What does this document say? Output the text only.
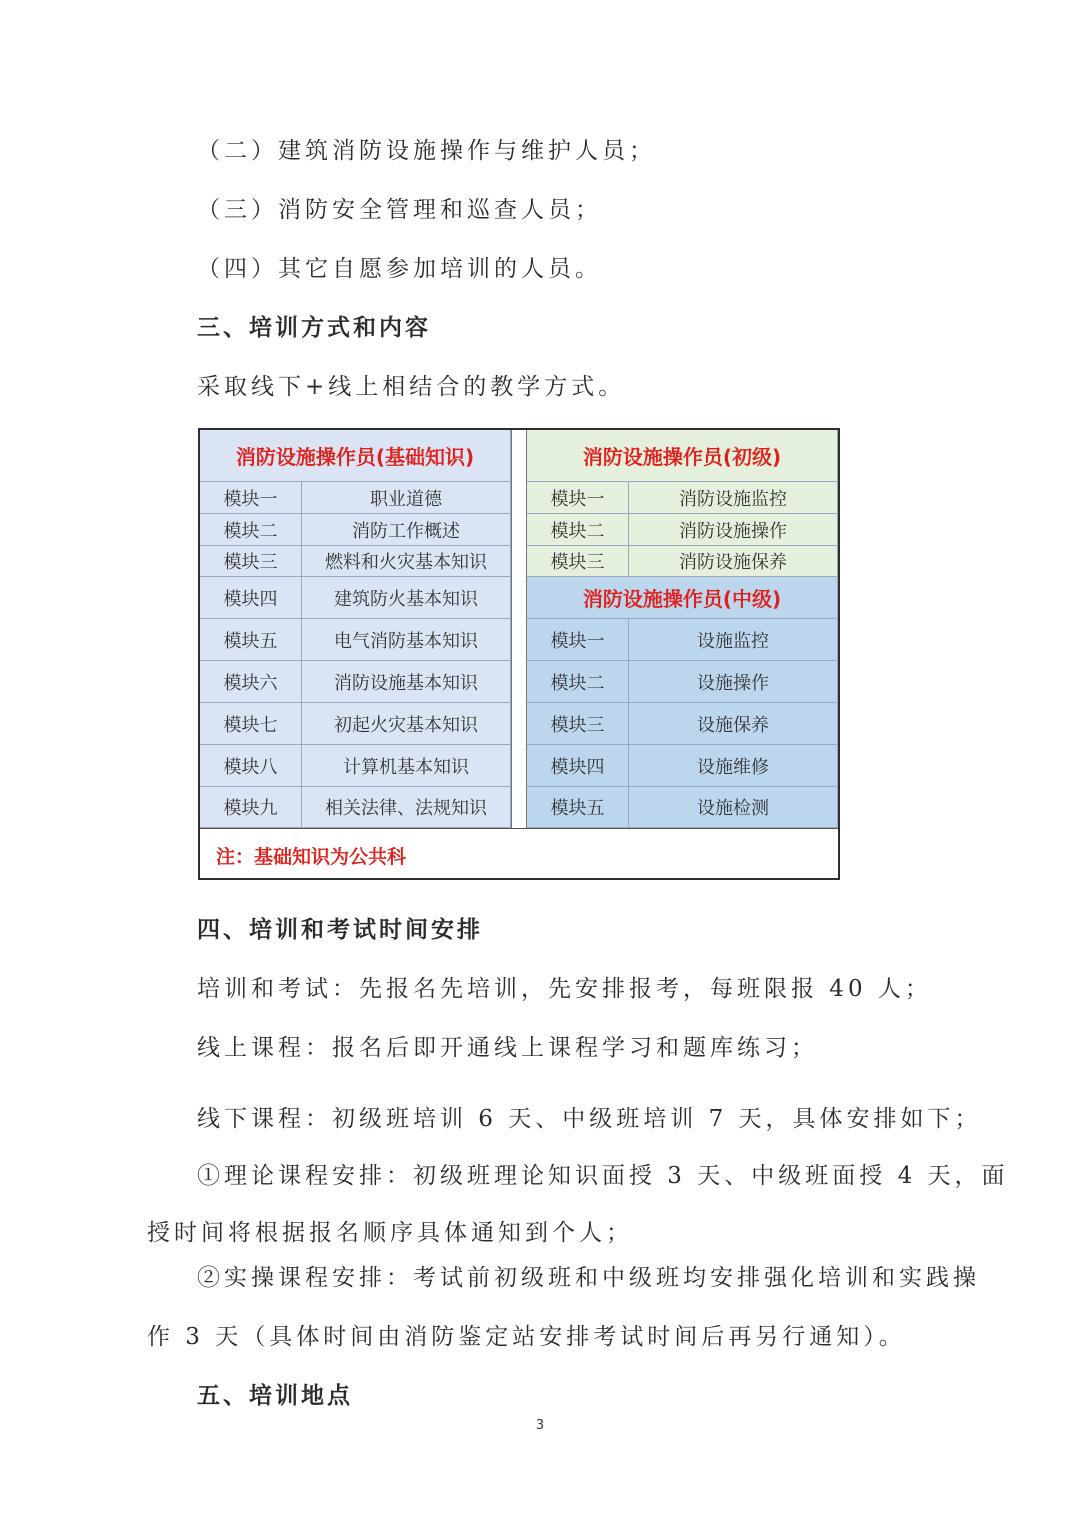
（二）建筑消防设施操作与维护人员；
（三）消防安全管理和巡查人员；
（四）其它自愿参加培训的人员。
三、培训方式和内容
采取线下+线上相结合的教学方式。
消防设施操作员(基础知识)
模块一	职业道德
模块二	消防工作概述
模块三	燃料和火灾基本知识
模块四	建筑防火基本知识
模块五	电气消防基本知识
模块六	消防设施基本知识
模块七	初起火灾基本知识
模块八	计算机基本知识
模块九	相关法律、法规知识
消防设施操作员(初级)
模块一	消防设施监控
模块二	消防设施操作
模块三	消防设施保养
消防设施操作员(中级)
模块一	设施监控
模块二	设施操作
模块三	设施保养
模块四	设施维修
模块五	设施检测
注：基础知识为公共科
四、培训和考试时间安排
培训和考试：先报名先培训，先安排报考，每班限报 40 人；
线上课程：报名后即开通线上课程学习和题库练习；
线下课程：初级班培训 6 天、中级班培训 7 天，具体安排如下；
①理论课程安排：初级班理论知识面授 3 天、中级班面授 4 天，面
授时间将根据报名顺序具体通知到个人；
②实操课程安排：考试前初级班和中级班均安排强化培训和实践操
作 3 天（具体时间由消防鉴定站安排考试时间后再另行通知）。
五、培训地点
3
